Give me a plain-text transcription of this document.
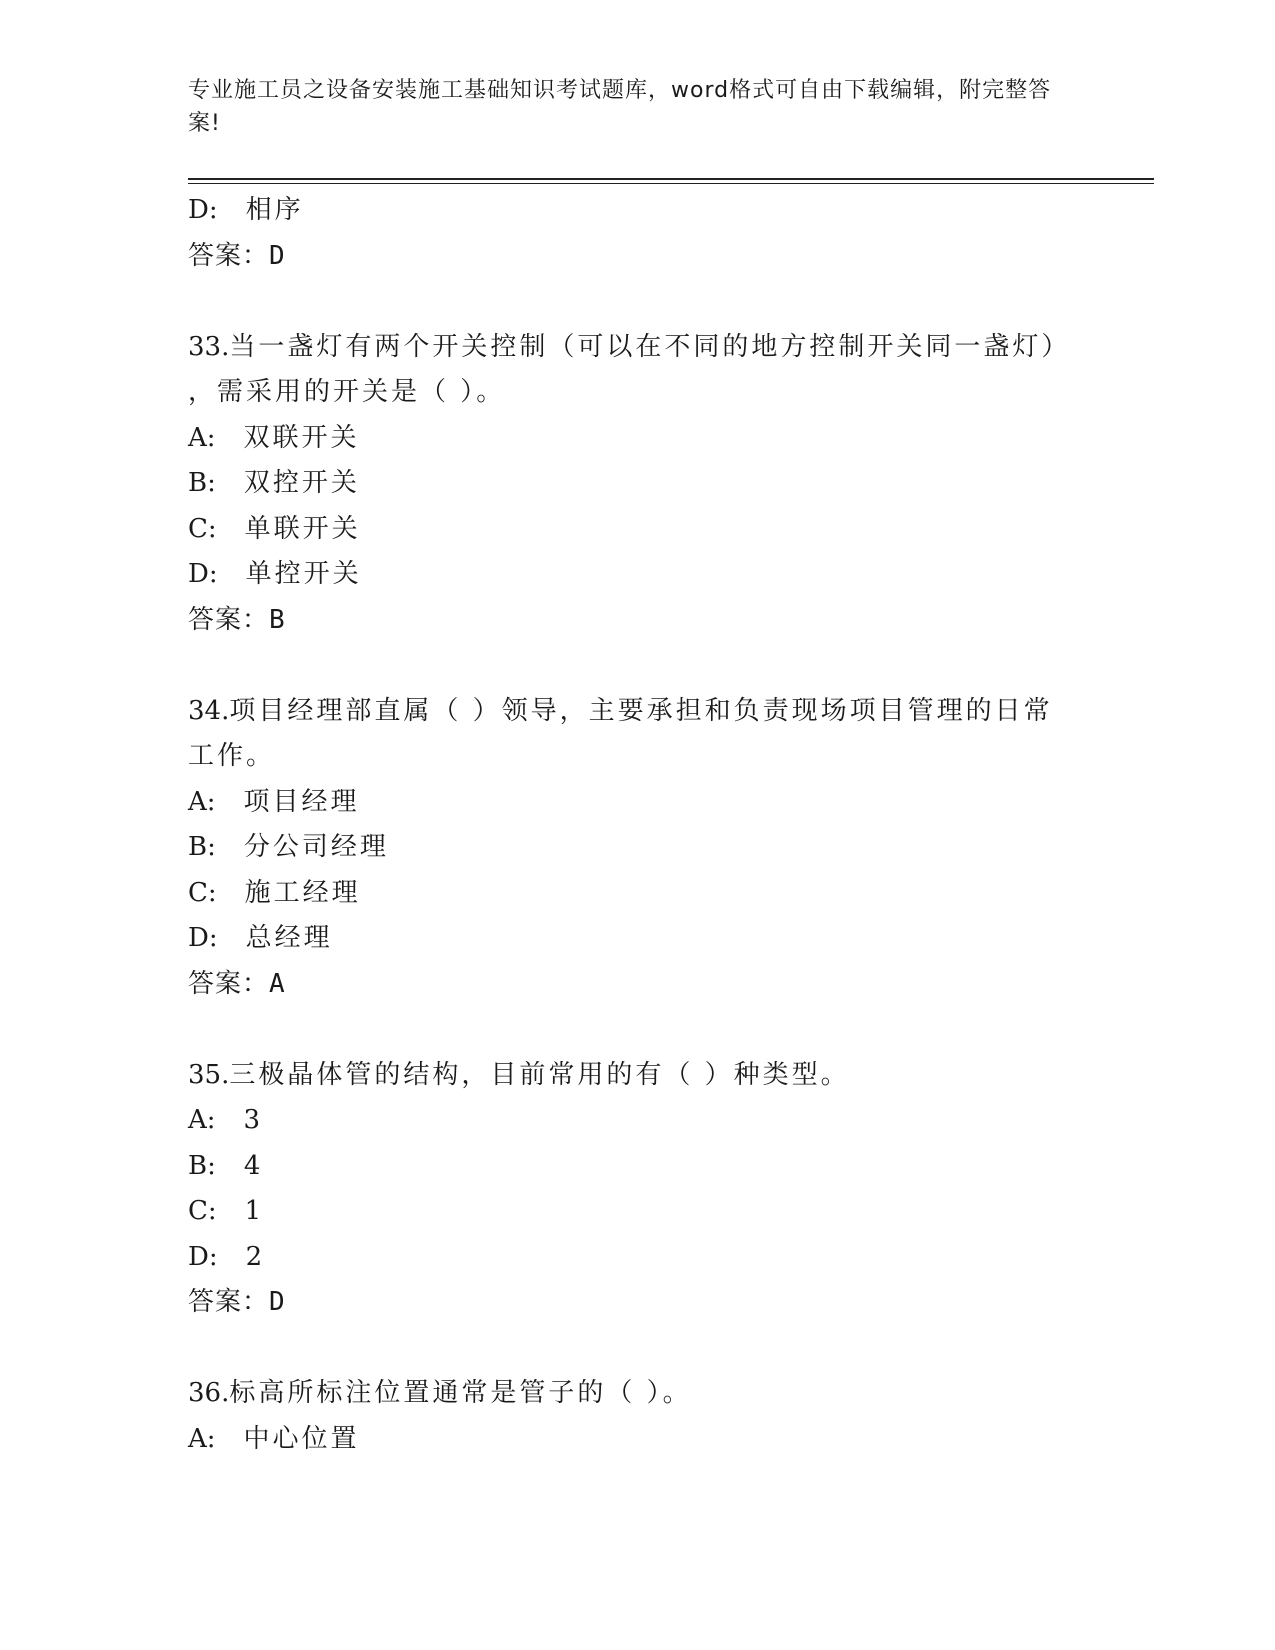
专业施工员之设备安装施工基础知识考试题库，word格式可自由下载编辑，附完整答案!
D: 相序
答案：D
33.当一盏灯有两个开关控制（可以在不同的地方控制开关同一盏灯）
，需采用的开关是（ ）。
A: 双联开关
B: 双控开关
C: 单联开关
D: 单控开关
答案：B
34.项目经理部直属（ ）领导，主要承担和负责现场项目管理的日常
工作。
A: 项目经理
B: 分公司经理
C: 施工经理
D: 总经理
答案：A
35.三极晶体管的结构，目前常用的有（ ）种类型。
A: 3
B: 4
C: 1
D: 2
答案：D
36.标高所标注位置通常是管子的（ ）。
A: 中心位置
